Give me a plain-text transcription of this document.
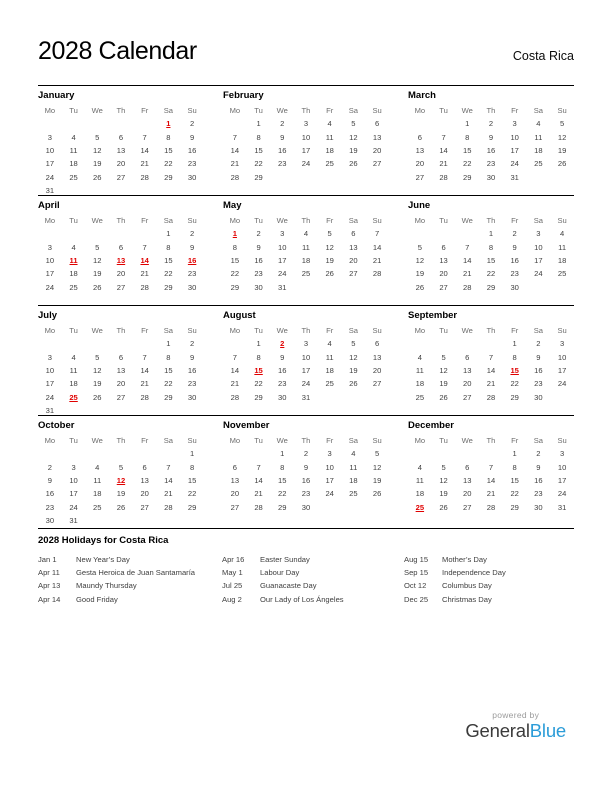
2028 Calendar	Costa Rica
January
Mo	Tu	We	Th	Fr	Sa	Su
					1	2
3	4	5	6	7	8	9
10	11	12	13	14	15	16
17	18	19	20	21	22	23
24	25	26	27	28	29	30
31						
February
Mo	Tu	We	Th	Fr	Sa	Su
	1	2	3	4	5	6
7	8	9	10	11	12	13
14	15	16	17	18	19	20
21	22	23	24	25	26	27
28	29					
March
Mo	Tu	We	Th	Fr	Sa	Su
		1	2	3	4	5
6	7	8	9	10	11	12
13	14	15	16	17	18	19
20	21	22	23	24	25	26
27	28	29	30	31		
April
Mo	Tu	We	Th	Fr	Sa	Su
					1	2
3	4	5	6	7	8	9
10	11	12	13	14	15	16
17	18	19	20	21	22	23
24	25	26	27	28	29	30
May
Mo	Tu	We	Th	Fr	Sa	Su
1	2	3	4	5	6	7
8	9	10	11	12	13	14
15	16	17	18	19	20	21
22	23	24	25	26	27	28
29	30	31				
June
Mo	Tu	We	Th	Fr	Sa	Su
			1	2	3	4
5	6	7	8	9	10	11
12	13	14	15	16	17	18
19	20	21	22	23	24	25
26	27	28	29	30		
July
Mo	Tu	We	Th	Fr	Sa	Su
					1	2
3	4	5	6	7	8	9
10	11	12	13	14	15	16
17	18	19	20	21	22	23
24	25	26	27	28	29	30
31						
August
Mo	Tu	We	Th	Fr	Sa	Su
	1	2	3	4	5	6
7	8	9	10	11	12	13
14	15	16	17	18	19	20
21	22	23	24	25	26	27
28	29	30	31			
September
Mo	Tu	We	Th	Fr	Sa	Su
				1	2	3
4	5	6	7	8	9	10
11	12	13	14	15	16	17
18	19	20	21	22	23	24
25	26	27	28	29	30	
October
Mo	Tu	We	Th	Fr	Sa	Su
						1
2	3	4	5	6	7	8
9	10	11	12	13	14	15
16	17	18	19	20	21	22
23	24	25	26	27	28	29
30	31					
November
Mo	Tu	We	Th	Fr	Sa	Su
		1	2	3	4	5
6	7	8	9	10	11	12
13	14	15	16	17	18	19
20	21	22	23	24	25	26
27	28	29	30			
December
Mo	Tu	We	Th	Fr	Sa	Su
				1	2	3
4	5	6	7	8	9	10
11	12	13	14	15	16	17
18	19	20	21	22	23	24
25	26	27	28	29	30	31
2028 Holidays for Costa Rica
Jan 1	New Year’s Day
Apr 11	Gesta Heroica de Juan Santamaría
Apr 13	Maundy Thursday
Apr 14	Good Friday
Apr 16	Easter Sunday
May 1	Labour Day
Jul 25	Guanacaste Day
Aug 2	Our Lady of Los Ángeles
Aug 15	Mother’s Day
Sep 15	Independence Day
Oct 12	Columbus Day
Dec 25	Christmas Day
powered by
GeneralBlue
